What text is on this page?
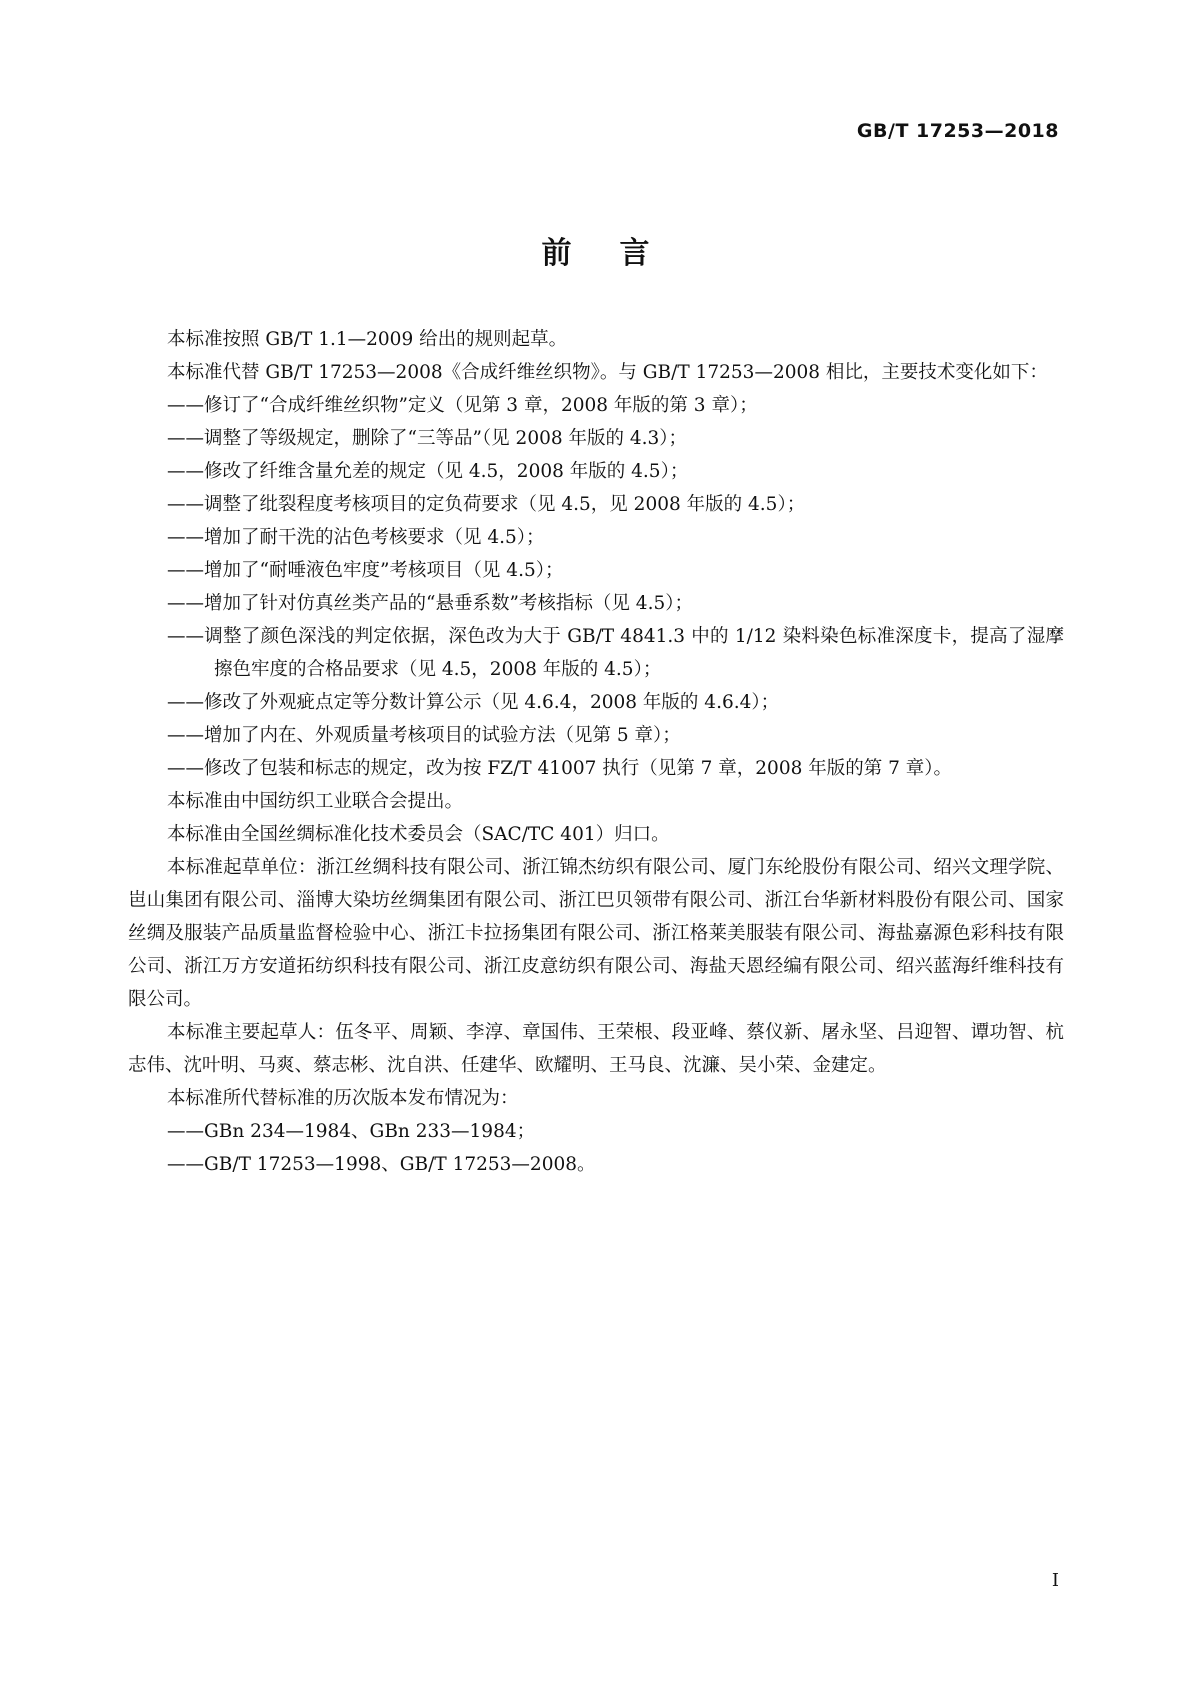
GB/T 17253—2018
前言

本标准按照 GB/T 1.1—2009 给出的规则起草。

本标准代替 GB/T 17253—2008《合成纤维丝织物》。与 GB/T 17253—2008 相比，主要技术变化如下：

——修订了“合成纤维丝织物”定义（见第 3 章，2008 年版的第 3 章）；

——调整了等级规定，删除了“三等品”（见 2008 年版的 4.3）；

——修改了纤维含量允差的规定（见 4.5，2008 年版的 4.5）；

——调整了纰裂程度考核项目的定负荷要求（见 4.5，见 2008 年版的 4.5）；

——增加了耐干洗的沾色考核要求（见 4.5）；

——增加了“耐唾液色牢度”考核项目（见 4.5）；

——增加了针对仿真丝类产品的“悬垂系数”考核指标（见 4.5）；

——调整了颜色深浅的判定依据，深色改为大于 GB/T 4841.3 中的 1/12 染料染色标准深度卡，提高了湿摩擦色牢度的合格品要求（见 4.5，2008 年版的 4.5）；

——修改了外观疵点定等分数计算公示（见 4.6.4，2008 年版的 4.6.4）；

——增加了内在、外观质量考核项目的试验方法（见第 5 章）；

——修改了包装和标志的规定，改为按 FZ/T 41007 执行（见第 7 章，2008 年版的第 7 章）。

本标准由中国纺织工业联合会提出。

本标准由全国丝绸标准化技术委员会（SAC/TC 401）归口。

本标准起草单位：浙江丝绸科技有限公司、浙江锦杰纺织有限公司、厦门东纶股份有限公司、绍兴文理学院、岜山集团有限公司、淄博大染坊丝绸集团有限公司、浙江巴贝领带有限公司、浙江台华新材料股份有限公司、国家丝绸及服装产品质量监督检验中心、浙江卡拉扬集团有限公司、浙江格莱美服装有限公司、海盐嘉源色彩科技有限公司、浙江万方安道拓纺织科技有限公司、浙江皮意纺织有限公司、海盐天恩经编有限公司、绍兴蓝海纤维科技有限公司。

本标准主要起草人：伍冬平、周颖、李淳、章国伟、王荣根、段亚峰、蔡仪新、屠永坚、吕迎智、谭功智、杭志伟、沈叶明、马爽、蔡志彬、沈自洪、任建华、欧耀明、王马良、沈濂、吴小荣、金建定。

本标准所代替标准的历次版本发布情况为：

——GBn 234—1984、GBn 233—1984；

——GB/T 17253—1998、GB/T 17253—2008。

I
